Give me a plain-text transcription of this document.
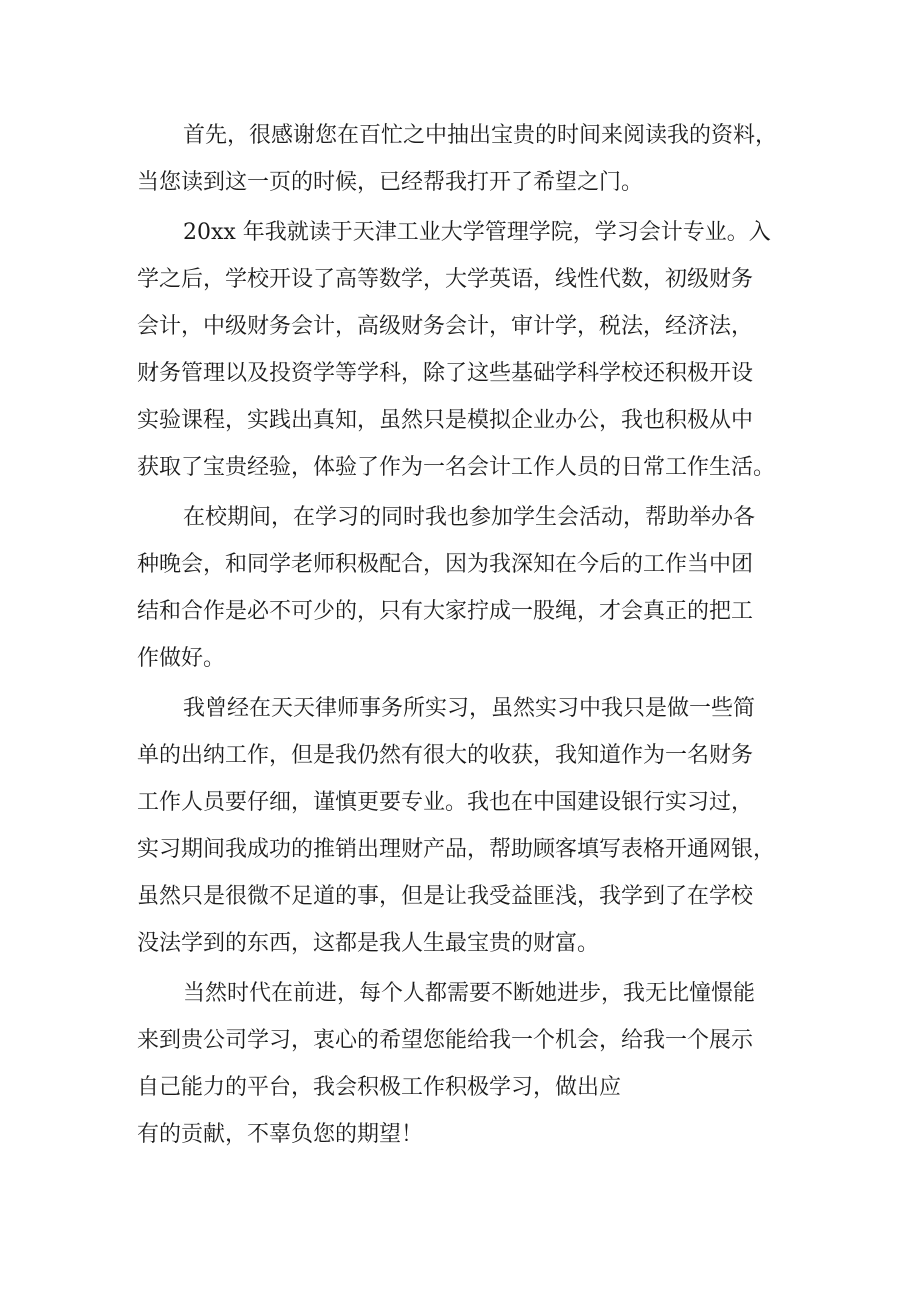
首先，很感谢您在百忙之中抽出宝贵的时间来阅读我的资料，
当您读到这一页的时候，已经帮我打开了希望之门。
20xx 年我就读于天津工业大学管理学院，学习会计专业。入
学之后，学校开设了高等数学，大学英语，线性代数，初级财务
会计，中级财务会计，高级财务会计，审计学，税法，经济法，
财务管理以及投资学等学科，除了这些基础学科学校还积极开设
实验课程，实践出真知，虽然只是模拟企业办公，我也积极从中
获取了宝贵经验，体验了作为一名会计工作人员的日常工作生活。
在校期间，在学习的同时我也参加学生会活动，帮助举办各
种晚会，和同学老师积极配合，因为我深知在今后的工作当中团
结和合作是必不可少的，只有大家拧成一股绳，才会真正的把工
作做好。
我曾经在天天律师事务所实习，虽然实习中我只是做一些简
单的出纳工作，但是我仍然有很大的收获，我知道作为一名财务
工作人员要仔细，谨慎更要专业。我也在中国建设银行实习过，
实习期间我成功的推销出理财产品，帮助顾客填写表格开通网银，
虽然只是很微不足道的事，但是让我受益匪浅，我学到了在学校
没法学到的东西，这都是我人生最宝贵的财富。
当然时代在前进，每个人都需要不断她进步，我无比憧憬能
来到贵公司学习，衷心的希望您能给我一个机会，给我一个展示
自己能力的平台，我会积极工作积极学习，做出应
有的贡献，不辜负您的期望！
